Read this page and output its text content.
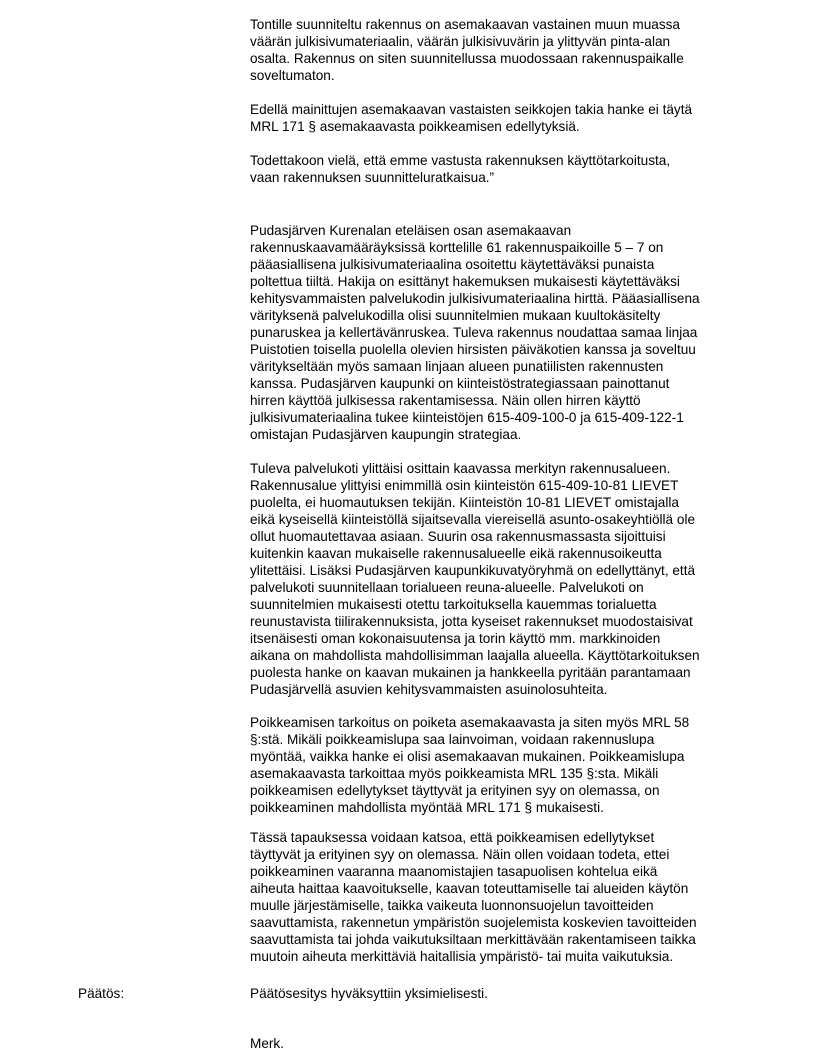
Tontille suunniteltu rakennus on asemakaavan vastainen muun muassa
väärän julkisivumateriaalin, väärän julkisivuvärin ja ylittyvän pinta-alan
osalta. Rakennus on siten suunnitellussa muodossaan rakennuspaikalle
soveltumaton.

Edellä mainittujen asemakaavan vastaisten seikkojen takia hanke ei täytä
MRL 171 § asemakaavasta poikkeamisen edellytyksiä.

Todettakoon vielä, että emme vastusta rakennuksen käyttötarkoitusta,
vaan rakennuksen suunnitteluratkaisua.”

Pudasjärven Kurenalan eteläisen osan asemakaavan
rakennuskaavamääräyksissä korttelille 61 rakennuspaikoille 5 – 7 on
pääasiallisena julkisivumateriaalina osoitettu käytettäväksi punaista
poltettua tiiltä. Hakija on esittänyt hakemuksen mukaisesti käytettäväksi
kehitysvammaisten palvelukodin julkisivumateriaalina hirttä. Pääasiallisena
värityksenä palvelukodilla olisi suunnitelmien mukaan kuultokäsitelty
punaruskea ja kellertävänruskea. Tuleva rakennus noudattaa samaa linjaa
Puistotien toisella puolella olevien hirsisten päiväkotien kanssa ja soveltuu
väritykseltään myös samaan linjaan alueen punatiilisten rakennusten
kanssa. Pudasjärven kaupunki on kiinteistöstrategiassaan painottanut
hirren käyttöä julkisessa rakentamisessa. Näin ollen hirren käyttö
julkisivumateriaalina tukee kiinteistöjen 615-409-100-0 ja 615-409-122-1
omistajan Pudasjärven kaupungin strategiaa.

Tuleva palvelukoti ylittäisi osittain kaavassa merkityn rakennusalueen.
Rakennusalue ylittyisi enimmillä osin kiinteistön 615-409-10-81 LIEVET
puolelta, ei huomautuksen tekijän. Kiinteistön 10-81 LIEVET omistajalla
eikä kyseisellä kiinteistöllä sijaitsevalla viereisellä asunto-osakeyhtiöllä ole
ollut huomautettavaa asiaan. Suurin osa rakennusmassasta sijoittuisi
kuitenkin kaavan mukaiselle rakennusalueelle eikä rakennusoikeutta
ylitettäisi. Lisäksi Pudasjärven kaupunkikuvatyöryhmä on edellyttänyt, että
palvelukoti suunnitellaan torialueen reuna-alueelle. Palvelukoti on
suunnitelmien mukaisesti otettu tarkoituksella kauemmas torialuetta
reunustavista tiilirakennuksista, jotta kyseiset rakennukset muodostaisivat
itsenäisesti oman kokonaisuutensa ja torin käyttö mm. markkinoiden
aikana on mahdollista mahdollisimman laajalla alueella. Käyttötarkoituksen
puolesta hanke on kaavan mukainen ja hankkeella pyritään parantamaan
Pudasjärvellä asuvien kehitysvammaisten asuinolosuhteita.

Poikkeamisen tarkoitus on poiketa asemakaavasta ja siten myös MRL 58
§:stä. Mikäli poikkeamislupa saa lainvoiman, voidaan rakennuslupa
myöntää, vaikka hanke ei olisi asemakaavan mukainen. Poikkeamislupa
asemakaavasta tarkoittaa myös poikkeamista MRL 135 §:sta. Mikäli
poikkeamisen edellytykset täyttyvät ja erityinen syy on olemassa, on
poikkeaminen mahdollista myöntää MRL 171 § mukaisesti.

Tässä tapauksessa voidaan katsoa, että poikkeamisen edellytykset
täyttyvät ja erityinen syy on olemassa. Näin ollen voidaan todeta, ettei
poikkeaminen vaaranna maanomistajien tasapuolisen kohtelua eikä
aiheuta haittaa kaavoitukselle, kaavan toteuttamiselle tai alueiden käytön
muulle järjestämiselle, taikka vaikeuta luonnonsuojelun tavoitteiden
saavuttamista, rakennetun ympäristön suojelemista koskevien tavoitteiden
saavuttamista tai johda vaikutuksiltaan merkittävään rakentamiseen taikka
muutoin aiheuta merkittäviä haitallisia ympäristö- tai muita vaikutuksia.

Päätös:	Päätösesitys hyväksyttiin yksimielisesti.
Merk.
